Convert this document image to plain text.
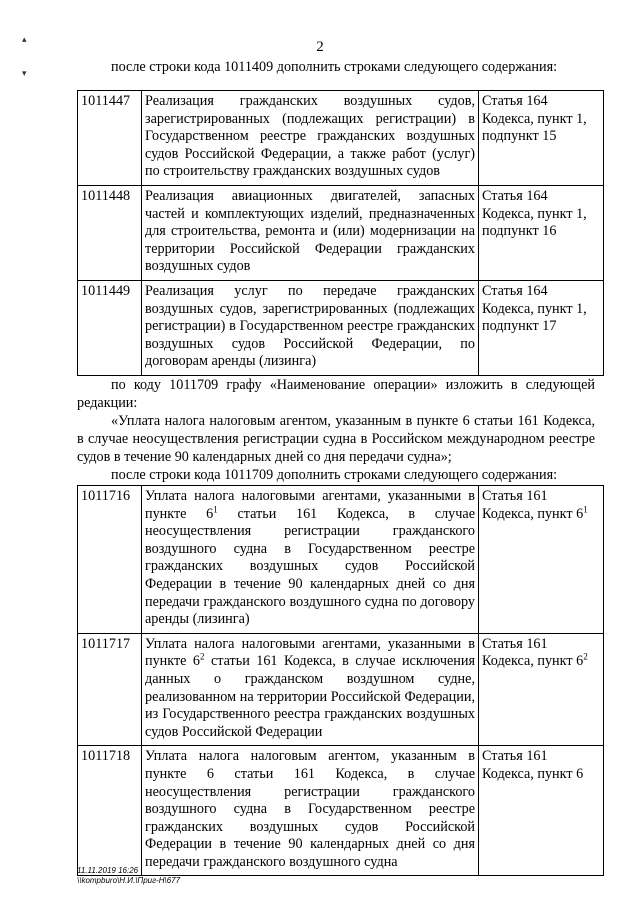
▴
▾
2
после строки кода 1011409 дополнить строками следующего содержания:
1011447	Реализация гражданских воздушных судов, зарегистрированных (подлежащих регистрации) в Государственном реестре гражданских воздушных судов Российской Федерации, а также работ (услуг) по строительству гражданских воздушных судов	Статья 164 Кодекса, пункт 1, подпункт 15
1011448	Реализация авиационных двигателей, запасных частей и комплектующих изделий, предназначенных для строительства, ремонта и (или) модернизации на территории Российской Федерации гражданских воздушных судов	Статья 164 Кодекса, пункт 1, подпункт 16
1011449	Реализация услуг по передаче гражданских воздушных судов, зарегистрированных (подлежащих регистрации) в Государственном реестре гражданских воздушных судов Российской Федерации, по договорам аренды (лизинга)	Статья 164 Кодекса, пункт 1, подпункт 17
по коду 1011709 графу «Наименование операции» изложить в следующей редакции:
«Уплата налога налоговым агентом, указанным в пункте 6 статьи 161 Кодекса, в случае неосуществления регистрации судна в Российском международном реестре судов в течение 90 календарных дней со дня передачи судна»;
после строки кода 1011709 дополнить строками следующего содержания:
1011716	Уплата налога налоговыми агентами, указанными в пункте $6^1$ статьи 161 Кодекса, в случае неосуществления регистрации гражданского воздушного судна в Государственном реестре гражданских воздушных судов Российской Федерации в течение 90 календарных дней со дня передачи гражданского воздушного судна по договору аренды (лизинга)	Статья 161 Кодекса, пункт $6^1$
1011717	Уплата налога налоговыми агентами, указанными в пункте $6^2$ статьи 161 Кодекса, в случае исключения данных о гражданском воздушном судне, реализованном на территории Российской Федерации, из Государственного реестра гражданских воздушных судов Российской Федерации	Статья 161 Кодекса, пункт $6^2$
1011718	Уплата налога налоговым агентом, указанным в пункте 6 статьи 161 Кодекса, в случае неосуществления регистрации гражданского воздушного судна в Государственном реестре гражданских воздушных судов Российской Федерации в течение 90 календарных дней со дня передачи гражданского воздушного судна	Статья 161 Кодекса, пункт 6
11.11.2019 16:26
\\kompburo\Н.И.\Приг-Н\677
